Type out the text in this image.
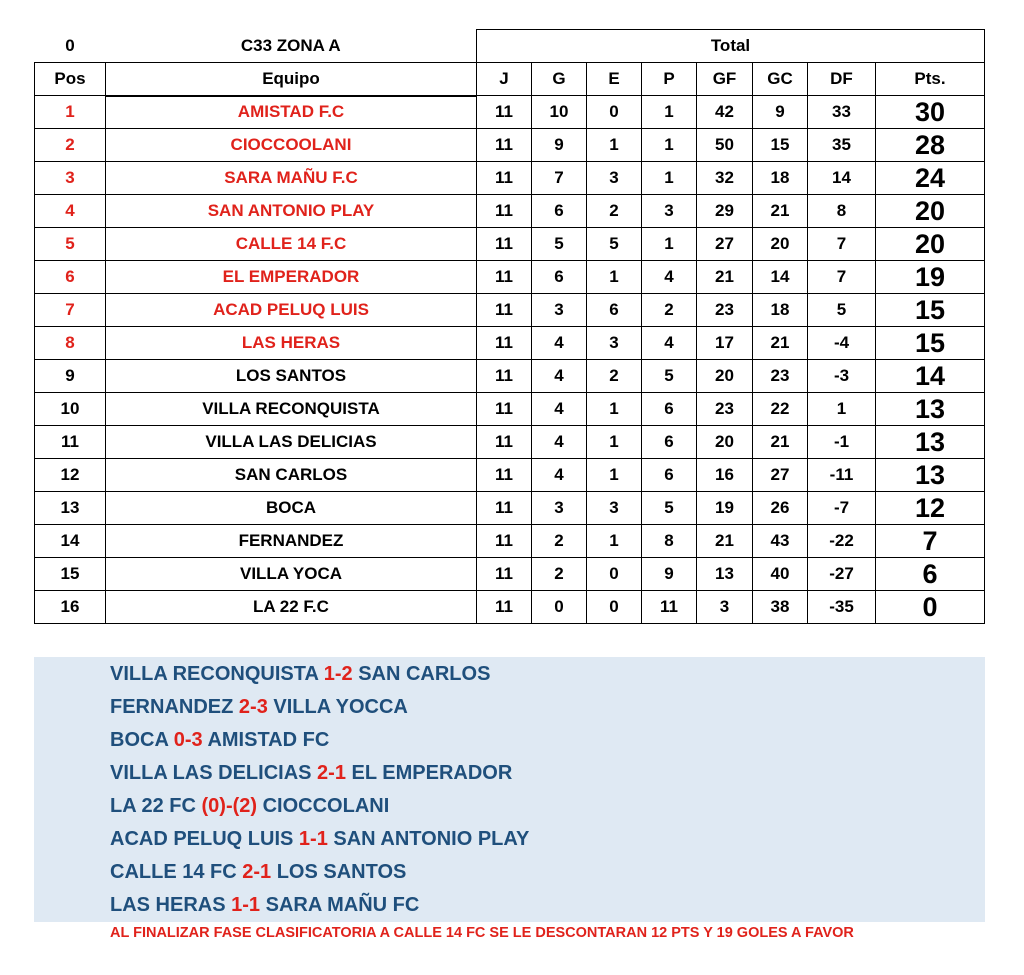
0	C33 ZONA A	Total							
Pos	Equipo	J	G	E	P	GF	GC	DF	Pts.
1	AMISTAD F.C	11	10	0	1	42	9	33	30
2	CIOCCOOLANI	11	9	1	1	50	15	35	28
3	SARA MAÑU F.C	11	7	3	1	32	18	14	24
4	SAN ANTONIO PLAY	11	6	2	3	29	21	8	20
5	CALLE 14 F.C	11	5	5	1	27	20	7	20
6	EL EMPERADOR	11	6	1	4	21	14	7	19
7	ACAD PELUQ LUIS	11	3	6	2	23	18	5	15
8	LAS HERAS	11	4	3	4	17	21	-4	15
9	LOS SANTOS	11	4	2	5	20	23	-3	14
10	VILLA RECONQUISTA	11	4	1	6	23	22	1	13
11	VILLA LAS DELICIAS	11	4	1	6	20	21	-1	13
12	SAN CARLOS	11	4	1	6	16	27	-11	13
13	BOCA	11	3	3	5	19	26	-7	12
14	FERNANDEZ	11	2	1	8	21	43	-22	7
15	VILLA YOCA	11	2	0	9	13	40	-27	6
16	LA 22 F.C	11	0	0	11	3	38	-35	0
VILLA RECONQUISTA 1-2 SAN CARLOS
FERNANDEZ 2-3 VILLA YOCCA
BOCA 0-3 AMISTAD FC
VILLA LAS DELICIAS 2-1 EL EMPERADOR
LA 22 FC (0)-(2) CIOCCOLANI
ACAD PELUQ LUIS 1-1 SAN ANTONIO PLAY
CALLE 14 FC 2-1 LOS SANTOS
LAS HERAS 1-1 SARA MAÑU FC
AL FINALIZAR FASE CLASIFICATORIA A CALLE 14 FC SE LE DESCONTARAN 12 PTS Y 19 GOLES A FAVOR
